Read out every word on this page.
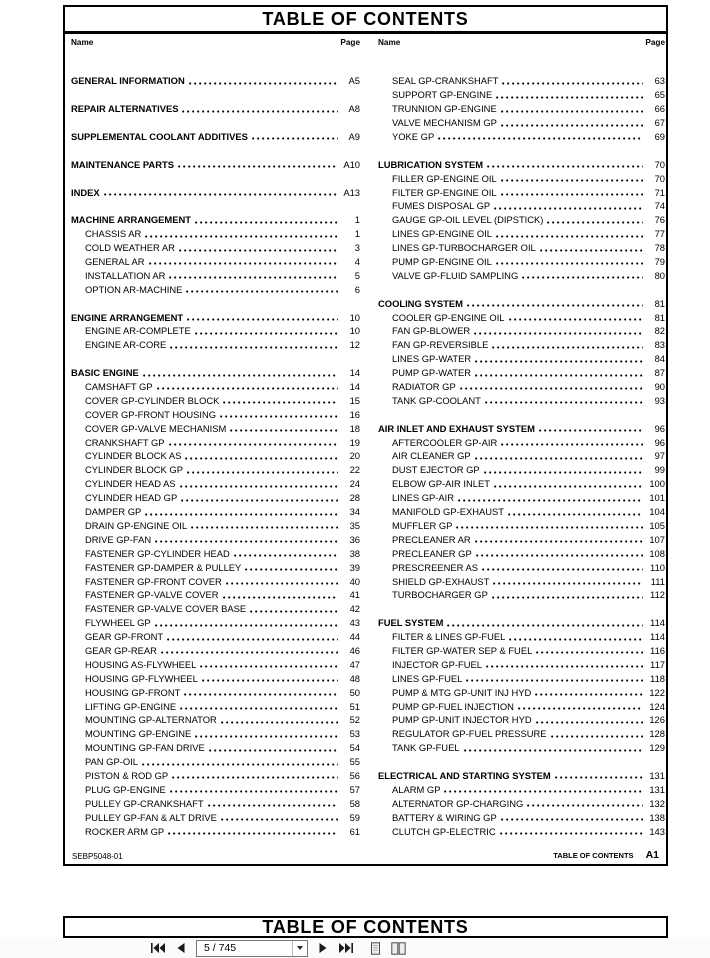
TABLE OF CONTENTS
Name	Page
GENERAL INFORMATION	A5
REPAIR ALTERNATIVES	A8
SUPPLEMENTAL COOLANT ADDITIVES	A9
MAINTENANCE PARTS	A10
INDEX	A13
MACHINE ARRANGEMENT	1
CHASSIS AR	1
COLD WEATHER AR	3
GENERAL AR	4
INSTALLATION AR	5
OPTION AR-MACHINE	6
ENGINE ARRANGEMENT	10
ENGINE AR-COMPLETE	10
ENGINE AR-CORE	12
BASIC ENGINE	14
CAMSHAFT GP	14
COVER GP-CYLINDER BLOCK	15
COVER GP-FRONT HOUSING	16
COVER GP-VALVE MECHANISM	18
CRANKSHAFT GP	19
CYLINDER BLOCK AS	20
CYLINDER BLOCK GP	22
CYLINDER HEAD AS	24
CYLINDER HEAD GP	28
DAMPER GP	34
DRAIN GP-ENGINE OIL	35
DRIVE GP-FAN	36
FASTENER GP-CYLINDER HEAD	38
FASTENER GP-DAMPER & PULLEY	39
FASTENER GP-FRONT COVER	40
FASTENER GP-VALVE COVER	41
FASTENER GP-VALVE COVER BASE	42
FLYWHEEL GP	43
GEAR GP-FRONT	44
GEAR GP-REAR	46
HOUSING AS-FLYWHEEL	47
HOUSING GP-FLYWHEEL	48
HOUSING GP-FRONT	50
LIFTING GP-ENGINE	51
MOUNTING GP-ALTERNATOR	52
MOUNTING GP-ENGINE	53
MOUNTING GP-FAN DRIVE	54
PAN GP-OIL	55
PISTON & ROD GP	56
PLUG GP-ENGINE	57
PULLEY GP-CRANKSHAFT	58
PULLEY GP-FAN & ALT DRIVE	59
ROCKER ARM GP	61
Name	Page
SEAL GP-CRANKSHAFT	63
SUPPORT GP-ENGINE	65
TRUNNION GP-ENGINE	66
VALVE MECHANISM GP	67
YOKE GP	69
LUBRICATION SYSTEM	70
FILLER GP-ENGINE OIL	70
FILTER GP-ENGINE OIL	71
FUMES DISPOSAL GP	74
GAUGE GP-OIL LEVEL (DIPSTICK)	76
LINES GP-ENGINE OIL	77
LINES GP-TURBOCHARGER OIL	78
PUMP GP-ENGINE OIL	79
VALVE GP-FLUID SAMPLING	80
COOLING SYSTEM	81
COOLER GP-ENGINE OIL	81
FAN GP-BLOWER	82
FAN GP-REVERSIBLE	83
LINES GP-WATER	84
PUMP GP-WATER	87
RADIATOR GP	90
TANK GP-COOLANT	93
AIR INLET AND EXHAUST SYSTEM	96
AFTERCOOLER GP-AIR	96
AIR CLEANER GP	97
DUST EJECTOR GP	99
ELBOW GP-AIR INLET	100
LINES GP-AIR	101
MANIFOLD GP-EXHAUST	104
MUFFLER GP	105
PRECLEANER AR	107
PRECLEANER GP	108
PRESCREENER AS	110
SHIELD GP-EXHAUST	111
TURBOCHARGER GP	112
FUEL SYSTEM	114
FILTER & LINES GP-FUEL	114
FILTER GP-WATER SEP & FUEL	116
INJECTOR GP-FUEL	117
LINES GP-FUEL	118
PUMP & MTG GP-UNIT INJ HYD	122
PUMP GP-FUEL INJECTION	124
PUMP GP-UNIT INJECTOR HYD	126
REGULATOR GP-FUEL PRESSURE	128
TANK GP-FUEL	129
ELECTRICAL AND STARTING SYSTEM	131
ALARM GP	131
ALTERNATOR GP-CHARGING	132
BATTERY & WIRING GP	138
CLUTCH GP-ELECTRIC	143
SEBP5048-01	TABLE OF CONTENTS A1
TABLE OF CONTENTS
5 / 745
